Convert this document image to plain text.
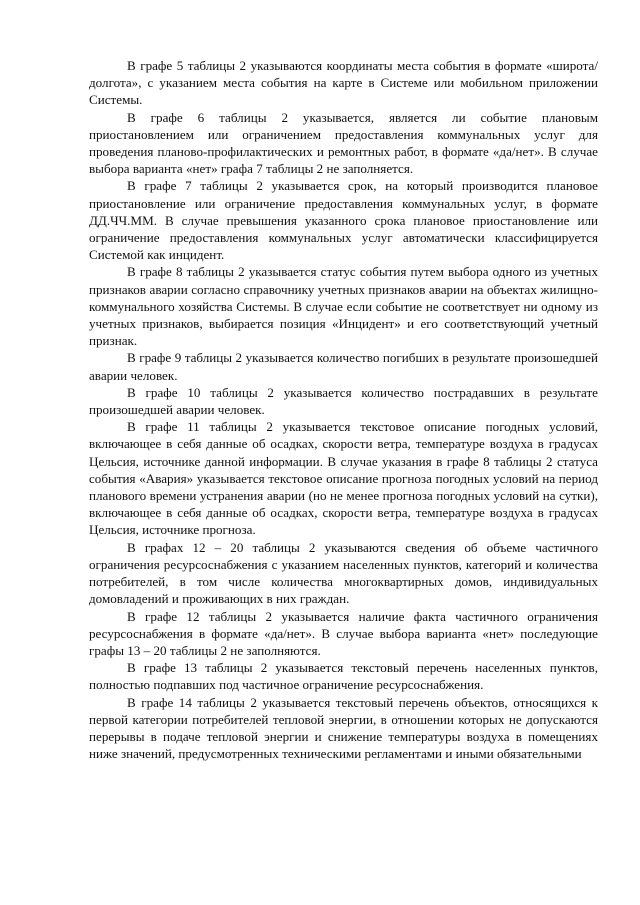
В графе 5 таблицы 2 указываются координаты места события в формате «широта/долгота», с указанием места события на карте в Системе или мобильном приложении Системы.

В графе 6 таблицы 2 указывается, является ли событие плановым приостановлением или ограничением предоставления коммунальных услуг для проведения планово-профилактических и ремонтных работ, в формате «да/нет». В случае выбора варианта «нет» графа 7 таблицы 2 не заполняется.

В графе 7 таблицы 2 указывается срок, на который производится плановое приостановление или ограничение предоставления коммунальных услуг, в формате ДД.ЧЧ.ММ. В случае превышения указанного срока плановое приостановление или ограничение предоставления коммунальных услуг автоматически классифицируется Системой как инцидент.

В графе 8 таблицы 2 указывается статус события путем выбора одного из учетных признаков аварии согласно справочнику учетных признаков аварии на объектах жилищно-коммунального хозяйства Системы. В случае если событие не соответствует ни одному из учетных признаков, выбирается позиция «Инцидент» и его соответствующий учетный признак.

В графе 9 таблицы 2 указывается количество погибших в результате произошедшей аварии человек.

В графе 10 таблицы 2 указывается количество пострадавших в результате произошедшей аварии человек.

В графе 11 таблицы 2 указывается текстовое описание погодных условий, включающее в себя данные об осадках, скорости ветра, температуре воздуха в градусах Цельсия, источнике данной информации. В случае указания в графе 8 таблицы 2 статуса события «Авария» указывается текстовое описание прогноза погодных условий на период планового времени устранения аварии (но не менее прогноза погодных условий на сутки), включающее в себя данные об осадках, скорости ветра, температуре воздуха в градусах Цельсия, источнике прогноза.

В графах 12 – 20 таблицы 2 указываются сведения об объеме частичного ограничения ресурсоснабжения с указанием населенных пунктов, категорий и количества потребителей, в том числе количества многоквартирных домов, индивидуальных домовладений и проживающих в них граждан.

В графе 12 таблицы 2 указывается наличие факта частичного ограничения ресурсоснабжения в формате «да/нет». В случае выбора варианта «нет» последующие графы 13 – 20 таблицы 2 не заполняются.

В графе 13 таблицы 2 указывается текстовый перечень населенных пунктов, полностью подпавших под частичное ограничение ресурсоснабжения.

В графе 14 таблицы 2 указывается текстовый перечень объектов, относящихся к первой категории потребителей тепловой энергии, в отношении которых не допускаются перерывы в подаче тепловой энергии и снижение температуры воздуха в помещениях ниже значений, предусмотренных техническими регламентами и иными обязательными
